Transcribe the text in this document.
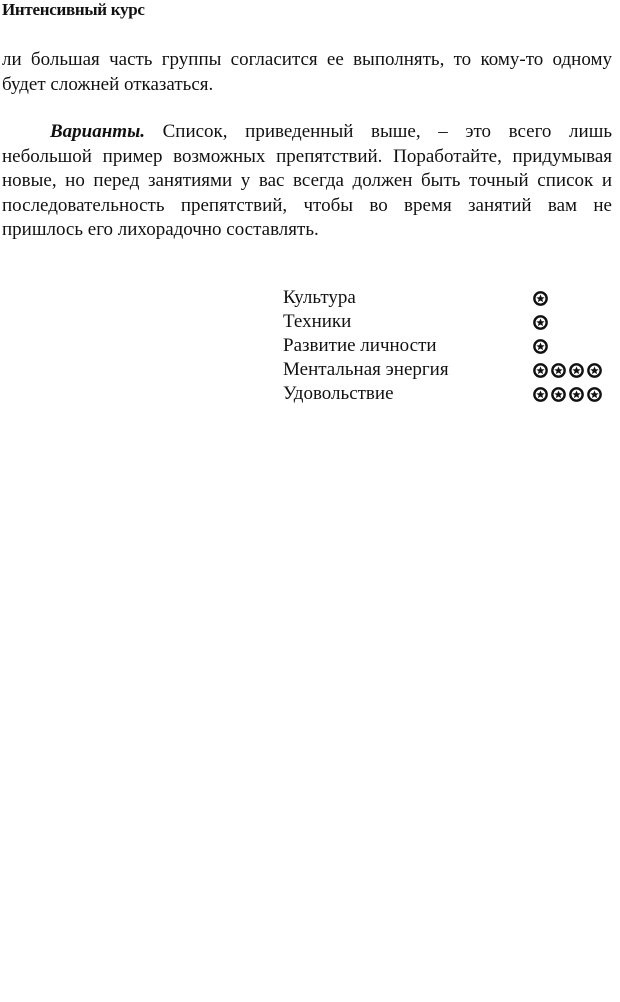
Интенсивный курс

ли большая часть группы согласится ее выполнять, то кому-то одному будет сложней отказаться.

Варианты. Список, приведенный выше, – это всего лишь небольшой пример возможных препятствий. Поработайте, придумывая новые, но перед занятиями у вас всегда должен быть точный список и последовательность препятствий, чтобы во время занятий вам не пришлось его лихорадочно составлять.

Культура
Техники
Развитие личности
Ментальная энергия
Удовольствие
